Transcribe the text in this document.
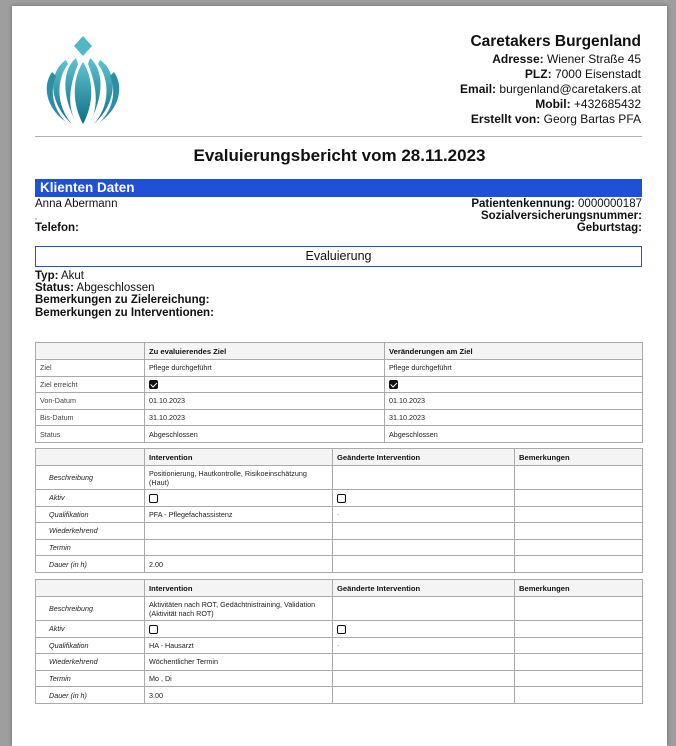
Caretakers Burgenland
Adresse: Wiener Straße 45
PLZ: 7000 Eisenstadt
Email: burgenland@caretakers.at
Mobil: +432685432
Erstellt von: Georg Bartas PFA
Evaluierungsbericht vom 28.11.2023
Klienten Daten
Anna Abermann	Patientenkennung: 0000000187
,	Sozialversicherungsnummer:
Telefon:	Geburtstag:
Evaluierung
Typ: Akut
Status: Abgeschlossen
Bemerkungen zu Zielereichung:
Bemerkungen zu Interventionen:
	Zu evaluierendes Ziel	Veränderungen am Ziel
Ziel	Pflege durchgeführt	Pflege durchgeführt
Ziel erreicht		
Von-Datum	01.10.2023	01.10.2023
Bis-Datum	31.10.2023	31.10.2023
Status	Abgeschlossen	Abgeschlossen
	Intervention	Geänderte Intervention	Bemerkungen
Beschreibung	Positionierung, Hautkontrolle, Risikoeinschätzung (Haut)		
Aktiv			
Qualifikation	PFA - Pflegefachassistenz	-	
Wiederkehrend			
Termin			
Dauer (in h)	2.00		
	Intervention	Geänderte Intervention	Bemerkungen
Beschreibung	Aktivitäten nach ROT, Gedächtnistraining, Validation (Aktivität nach ROT)		
Aktiv			
Qualifikation	HA - Hausarzt	-	
Wiederkehrend	Wöchentlicher Termin		
Termin	Mo , Di		
Dauer (in h)	3.00		
